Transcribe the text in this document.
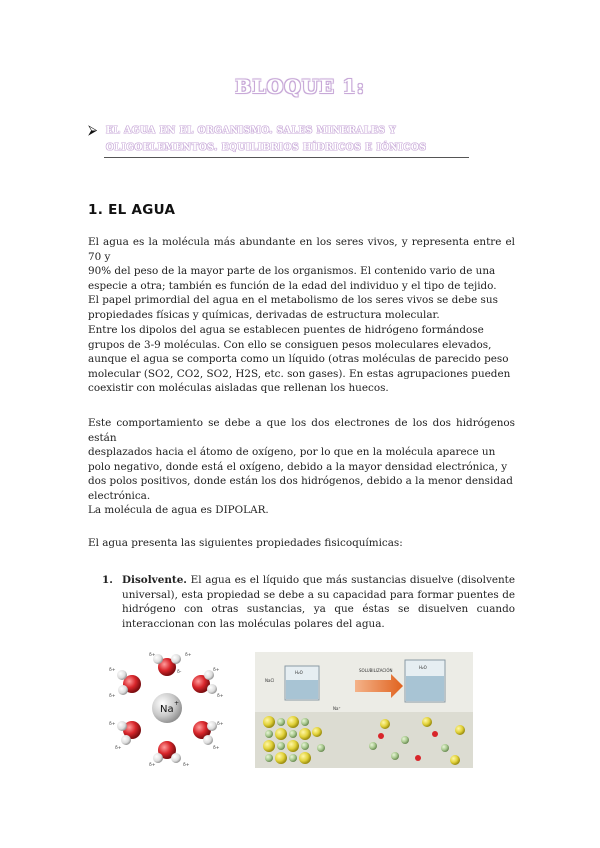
BLOQUE 1:
⮚ EL AGUA EN EL ORGANISMO. SALES MINERALES Y
OLIGOELEMENTOS. EQUILIBRIOS HÍDRICOS E IÓNICOS
1. EL AGUA

El agua es la molécula más abundante en los seres vivos, y representa entre el 70 y
90% del peso de la mayor parte de los organismos. El contenido vario de una
especie a otra; también es función de la edad del individuo y el tipo de tejido.
El papel primordial del agua en el metabolismo de los seres vivos se debe sus
propiedades físicas y químicas, derivadas de estructura molecular.

Entre los dipolos del agua se establecen puentes de hidrógeno formándose
grupos de 3-9 moléculas. Con ello se consiguen pesos moleculares elevados,
aunque el agua se comporta como un líquido (otras moléculas de parecido peso
molecular (SO2, CO2, SO2, H2S, etc. son gases). En estas agrupaciones pueden
coexistir con moléculas aisladas que rellenan los huecos.

Este comportamiento se debe a que los dos electrones de los dos hidrógenos están
desplazados hacia el átomo de oxígeno, por lo que en la molécula aparece un
polo negativo, donde está el oxígeno, debido a la mayor densidad electrónica, y
dos polos positivos, donde están los dos hidrógenos, debido a la menor densidad
electrónica.
La molécula de agua es DIPOLAR.

El agua presenta las siguientes propiedades fisicoquímicas:

1. Disolvente. El agua es el líquido que más sustancias disuelve (disolvente universal), esta propiedad se debe a su capacidad para formar puentes de hidrógeno con otras sustancias, ya que éstas se disuelven cuando interaccionan con las moléculas polares del agua.
Na
+
δ-
δ+	δ+
δ+
δ+
δ+
δ+
δ+
δ+
δ+
δ+
δ+	δ+
H₂O
H₂O
SOLUBILIZACIÓN
NaCl
Na⁺
